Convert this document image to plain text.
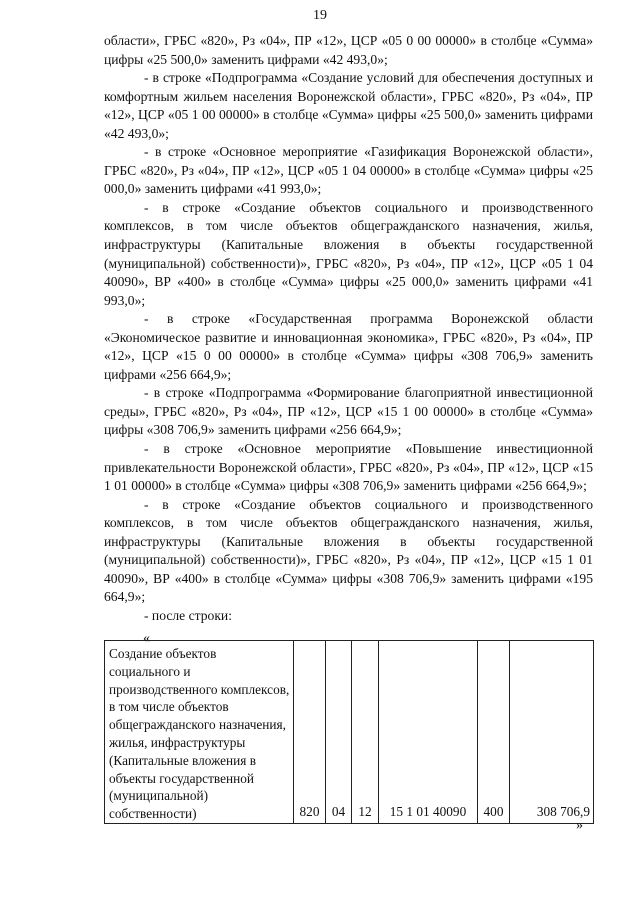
19

области», ГРБС «820», Рз «04», ПР «12», ЦСР «05 0 00 00000» в столбце «Сумма» цифры «25 500,0» заменить цифрами «42 493,0»;

- в строке «Подпрограмма «Создание условий для обеспечения доступных и комфортным жильем населения Воронежской области», ГРБС «820», Рз «04», ПР «12», ЦСР «05 1 00 00000» в столбце «Сумма» цифры «25 500,0» заменить цифрами «42 493,0»;

- в строке «Основное мероприятие «Газификация Воронежской области», ГРБС «820», Рз «04», ПР «12», ЦСР «05 1 04 00000» в столбце «Сумма» цифры «25 000,0» заменить цифрами «41 993,0»;

- в строке «Создание объектов социального и производственного комплексов, в том числе объектов общегражданского назначения, жилья, инфраструктуры (Капитальные вложения в объекты государственной (муниципальной) собственности)», ГРБС «820», Рз «04», ПР «12», ЦСР «05 1 04 40090», ВР «400» в столбце «Сумма» цифры «25 000,0» заменить цифрами «41 993,0»;

- в строке «Государственная программа Воронежской области «Экономическое развитие и инновационная экономика», ГРБС «820», Рз «04», ПР «12», ЦСР «15 0 00 00000» в столбце «Сумма» цифры «308 706,9» заменить цифрами «256 664,9»;

- в строке «Подпрограмма «Формирование благоприятной инвестиционной среды», ГРБС «820», Рз «04», ПР «12», ЦСР «15 1 00 00000» в столбце «Сумма» цифры «308 706,9» заменить цифрами «256 664,9»;

- в строке «Основное мероприятие «Повышение инвестиционной привлекательности Воронежской области», ГРБС «820», Рз «04», ПР «12», ЦСР «15 1 01 00000» в столбце «Сумма» цифры «308 706,9» заменить цифрами «256 664,9»;

- в строке «Создание объектов социального и производственного комплексов, в том числе объектов общегражданского назначения, жилья, инфраструктуры (Капитальные вложения в объекты государственной (муниципальной) собственности)», ГРБС «820», Рз «04», ПР «12», ЦСР «15 1 01 40090», ВР «400» в столбце «Сумма» цифры «308 706,9» заменить цифрами «195 664,9»;

- после строки:

«
Создание объектов социального и производственного комплексов, в том числе объектов общегражданского назначения, жилья, инфраструктуры (Капитальные вложения в объекты государственной (муниципальной) собственности)	820	04	12	15 1 01 40090	400	308 706,9
»
